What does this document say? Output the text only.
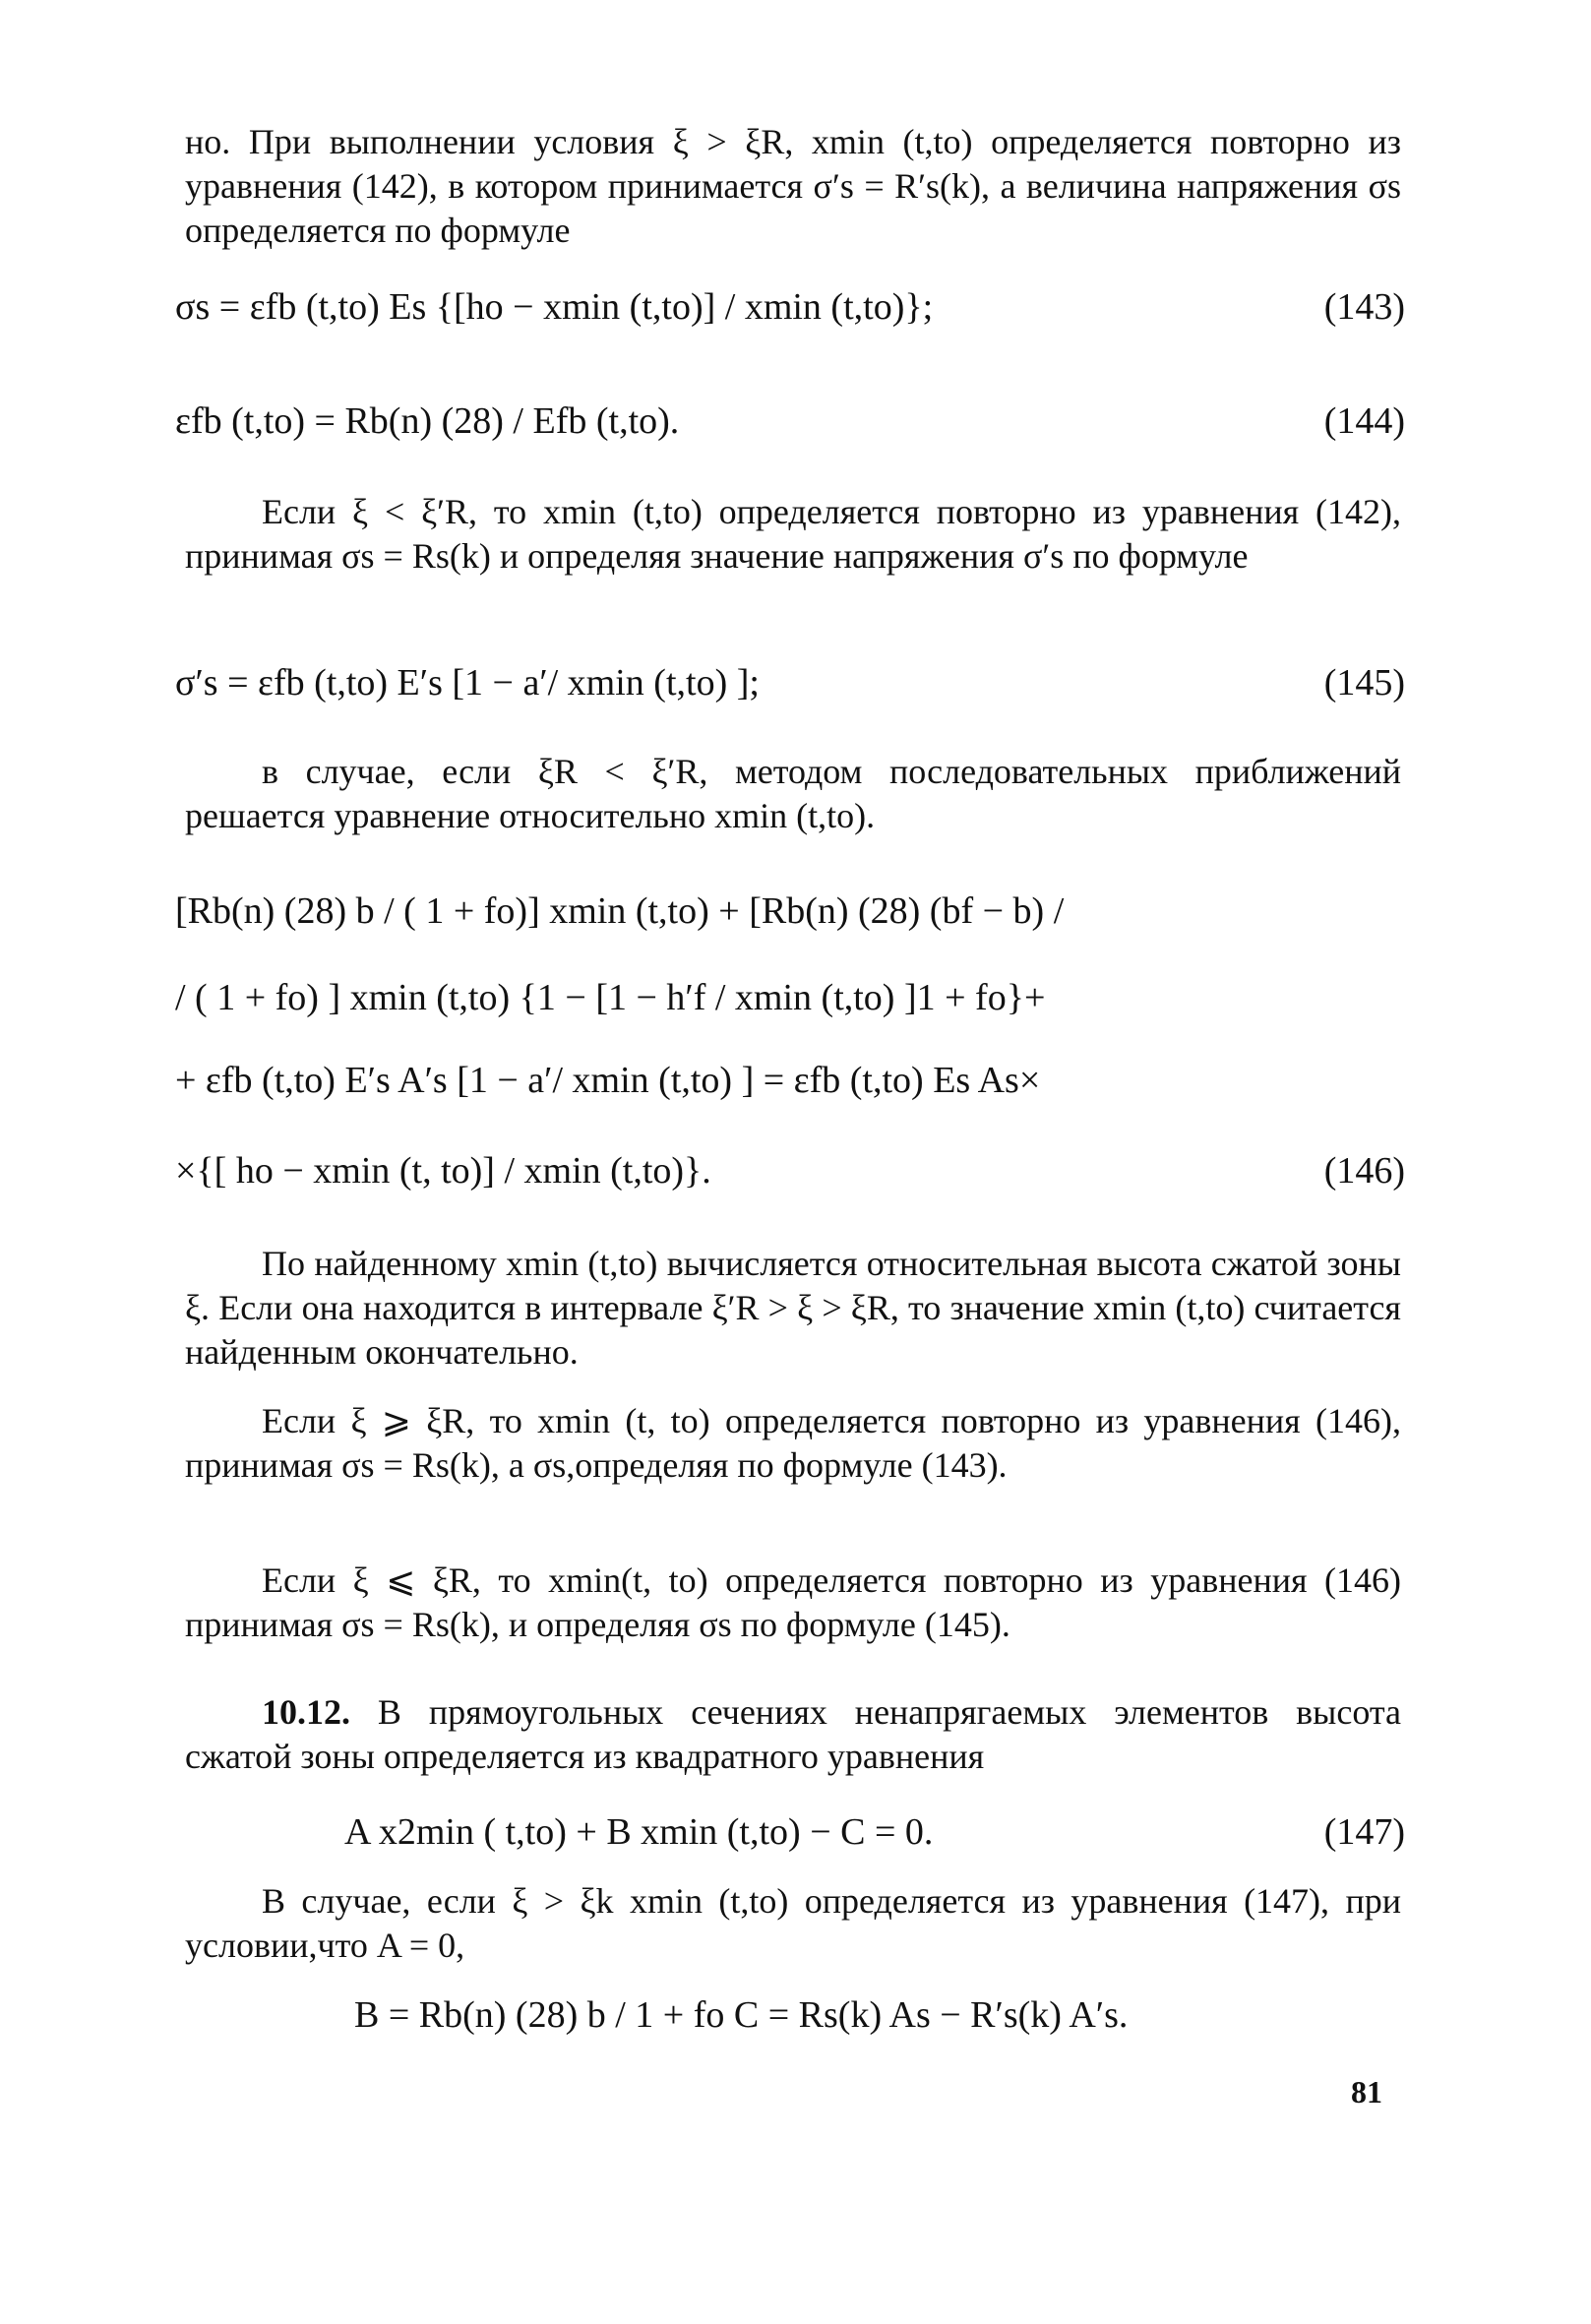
но. При выполнении условия ξ > ξR, xmin (t,to) определяется повторно из уравнения (142), в котором принимается σ′s = R′s(k), а величина напряжения σs определяется по формуле
σs = εfb (t,to) Es {[ho − xmin (t,to)] / xmin (t,to)};	(143)
εfb (t,to) = Rb(n) (28) / Efb (t,to).	(144)
Если ξ < ξ′R, то xmin (t,to) определяется повторно из уравнения (142), принимая σs = Rs(k) и определяя значение напряжения σ′s по формуле
σ′s = εfb (t,to) E′s [1 − a′/ xmin (t,to) ];	(145)
в случае, если ξR < ξ′R, методом последовательных приближений решается уравнение относительно xmin (t,to).
[Rb(n) (28) b / ( 1 + fo)] xmin (t,to) + [Rb(n) (28) (bf − b) /
/ ( 1 + fo) ] xmin (t,to) {1 − [1 − h′f / xmin (t,to) ]1 + fo}+
+ εfb (t,to) E′s A′s [1 − a′/ xmin (t,to) ] = εfb (t,to) Es As×
×{[ ho − xmin (t, to)] / xmin (t,to)}.	(146)
По найденному xmin (t,to) вычисляется относительная высота сжатой зоны ξ. Если она находится в интервале ξ′R > ξ > ξR, то значение xmin (t,to) считается найденным окончательно.
Если ξ ⩾ ξR, то xmin (t, to) определяется повторно из уравнения (146), принимая σs = Rs(k), а σs,определяя по формуле (143).
Если ξ ⩽ ξR, то xmin(t, to) определяется повторно из уравнения (146) принимая σs = Rs(k), и определяя σs по формуле (145).
10.12. В прямоугольных сечениях ненапрягаемых элементов высота сжатой зоны определяется из квадратного уравнения
A x2min ( t,to) + B xmin (t,to) − C = 0.	(147)
В случае, если ξ > ξk xmin (t,to) определяется из уравнения (147), при условии,что A = 0,
B = Rb(n) (28) b / 1 + fo C = Rs(k) As − R′s(k) A′s.
81
